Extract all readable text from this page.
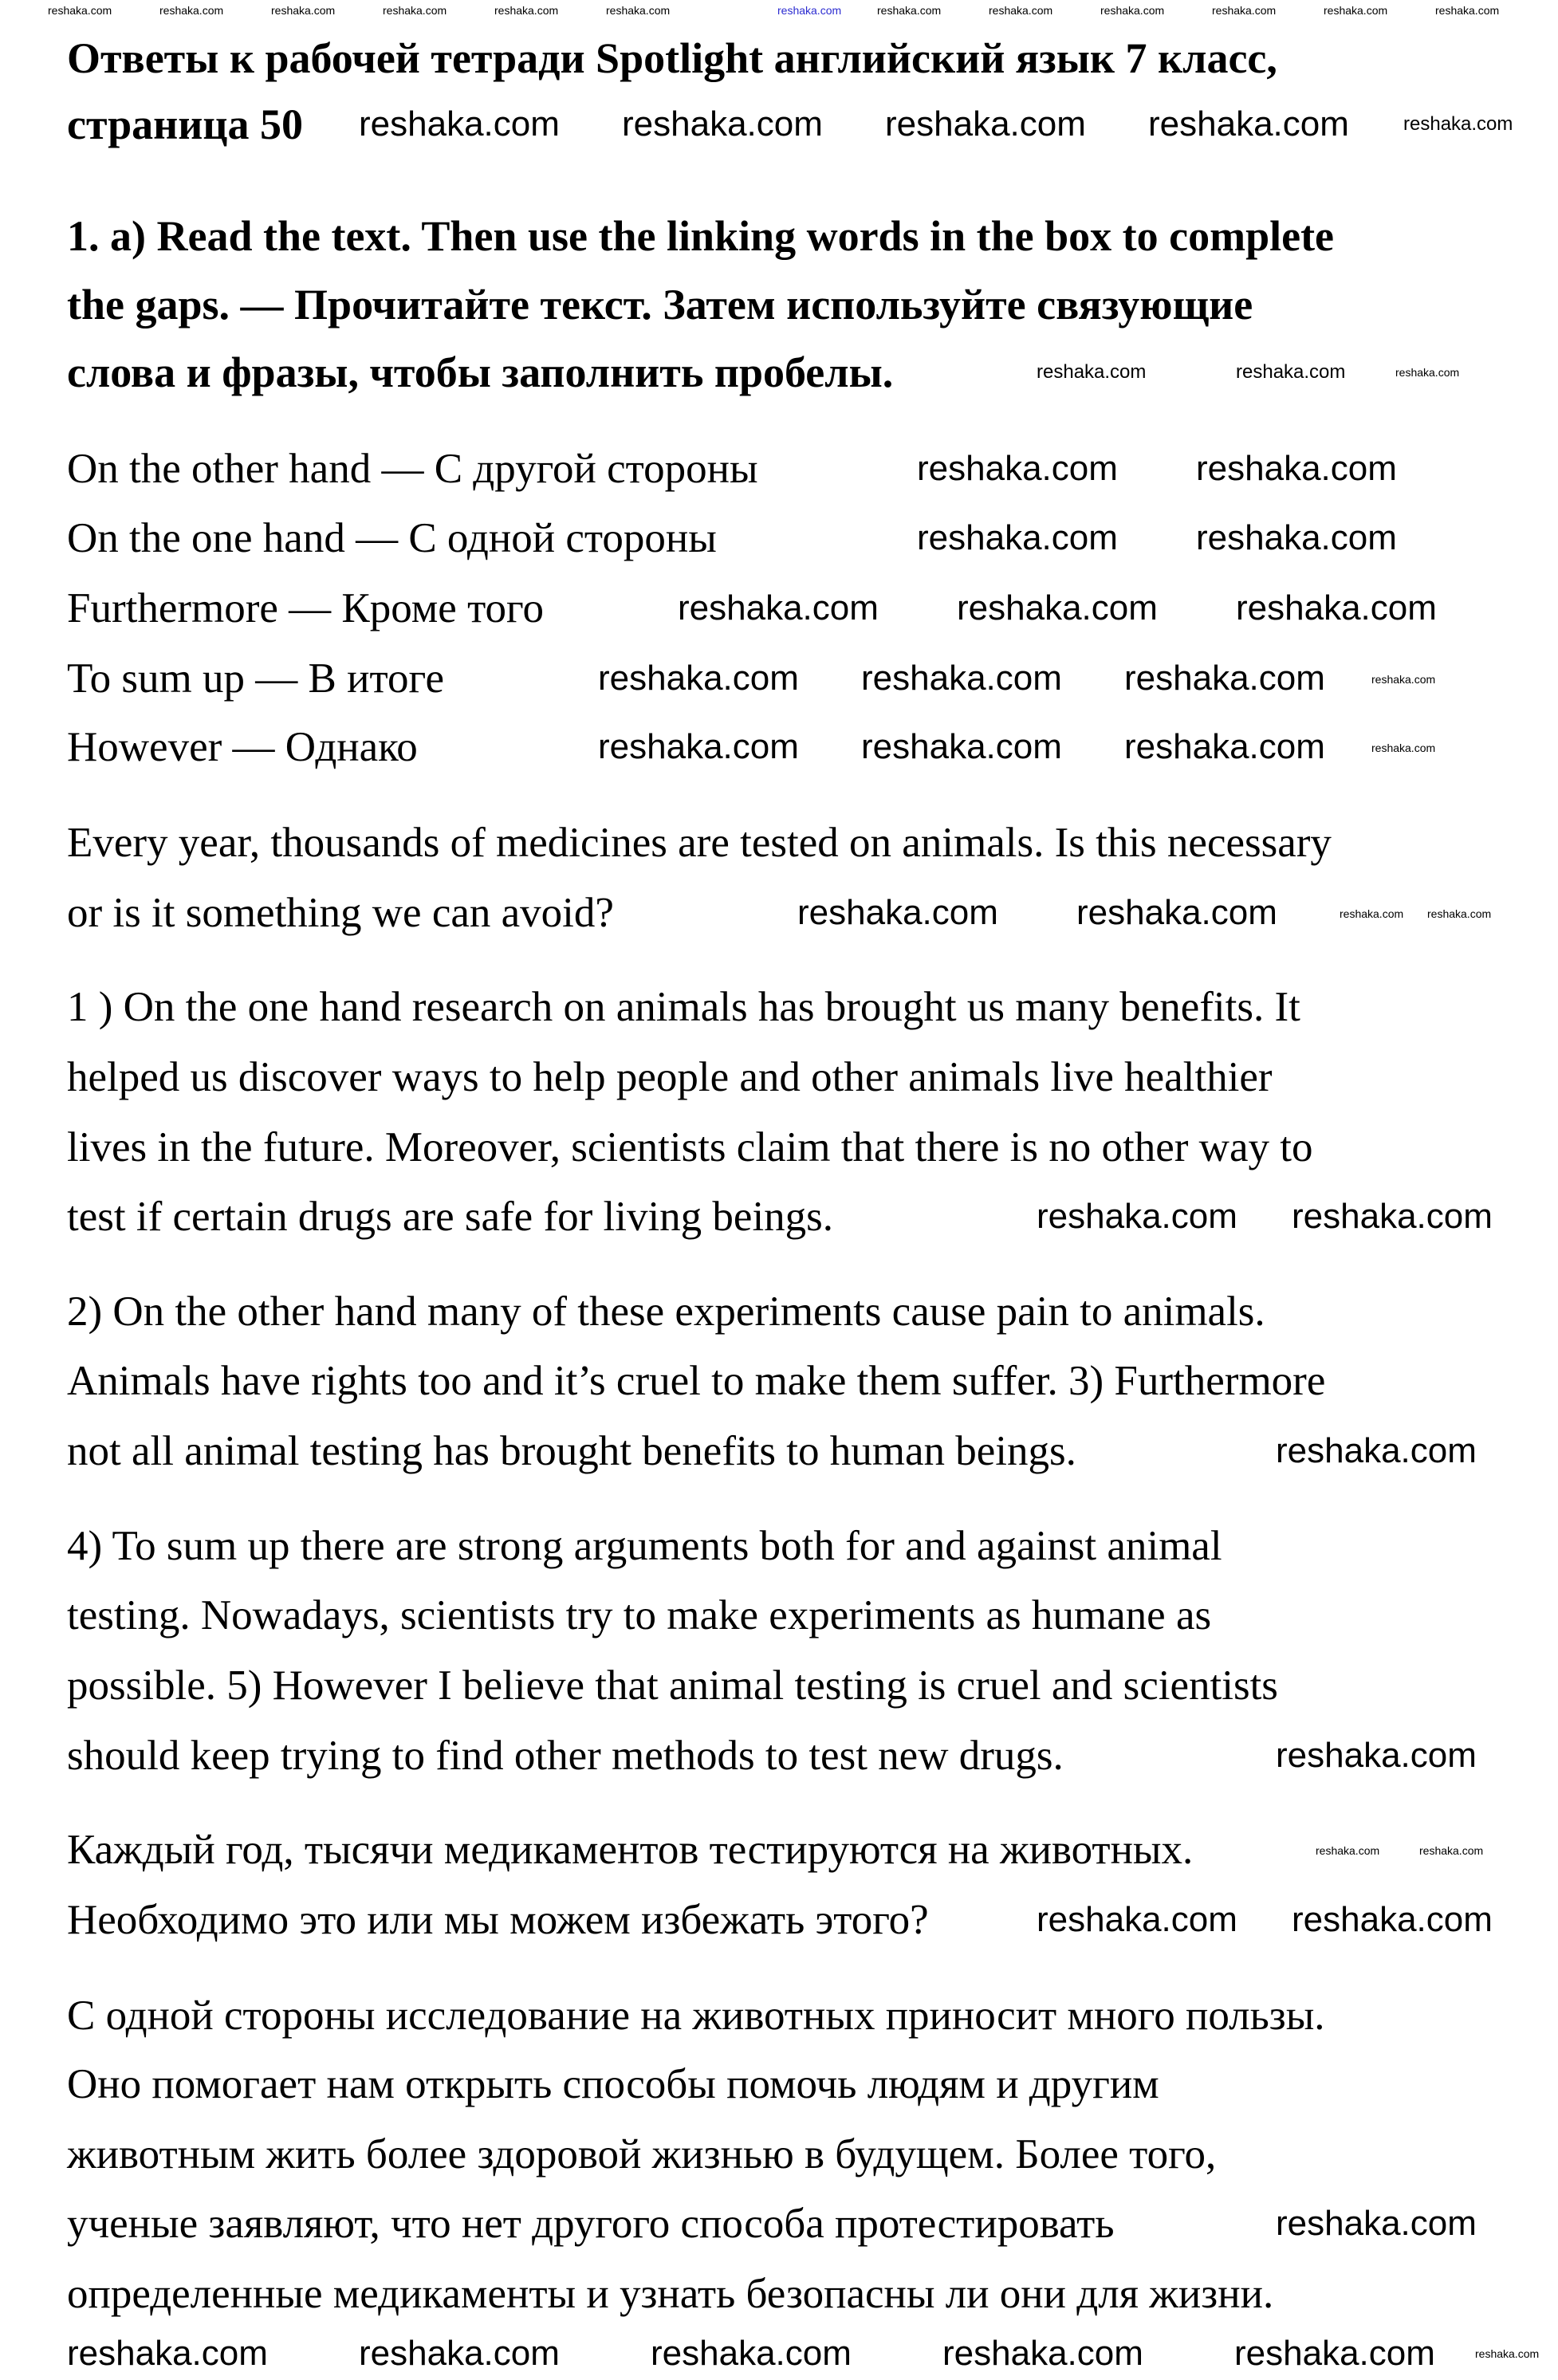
Ответы к рабочей тетради Spotlight английский язык 7 класс,
страница 50
1. a) Read the text. Then use the linking words in the box to complete
the gaps. — Прочитайте текст. Затем используйте связующие
слова и фразы, чтобы заполнить пробелы.
On the other hand — С другой стороны
On the one hand — С одной стороны
Furthermore — Кроме того
To sum up — В итоге
However — Однако
Every year, thousands of medicines are tested on animals. Is this necessary
or is it something we can avoid?
1 ) On the one hand research on animals has brought us many benefits. It
helped us discover ways to help people and other animals live healthier
lives in the future. Moreover, scientists claim that there is no other way to
test if certain drugs are safe for living beings.
2) On the other hand many of these experiments cause pain to animals.
Animals have rights too and it’s cruel to make them suffer. 3) Furthermore
not all animal testing has brought benefits to human beings.
4) To sum up there are strong arguments both for and against animal
testing. Nowadays, scientists try to make experiments as humane as
possible. 5) However I believe that animal testing is cruel and scientists
should keep trying to find other methods to test new drugs.
Каждый год, тысячи медикаментов тестируются на животных.
Необходимо это или мы можем избежать этого?
С одной стороны исследование на животных приносит много пользы.
Оно помогает нам открыть способы помочь людям и другим
животным жить более здоровой жизнью в будущем. Более того,
ученые заявляют, что нет другого способа протестировать
определенные медикаменты и узнать безопасны ли они для жизни.
reshaka.com
reshaka.com	reshaka.com	reshaka.com	reshaka.com	reshaka.com	reshaka.com	reshaka.com	reshaka.com	reshaka.com	reshaka.com	reshaka.com	reshaka.com
reshaka.com reshaka.com reshaka.com reshaka.com	reshaka.com
reshaka.com	reshaka.com	reshaka.com
reshaka.com reshaka.com
reshaka.com reshaka.com
reshaka.com reshaka.com reshaka.com
reshaka.com reshaka.com reshaka.com	reshaka.com
reshaka.com reshaka.com reshaka.com	reshaka.com
reshaka.com reshaka.com	reshaka.com reshaka.com
reshaka.com reshaka.com
reshaka.com
reshaka.com
reshaka.com	reshaka.com
reshaka.com reshaka.com
reshaka.com
reshaka.com	reshaka.com	reshaka.com	reshaka.com	reshaka.com	reshaka.com
